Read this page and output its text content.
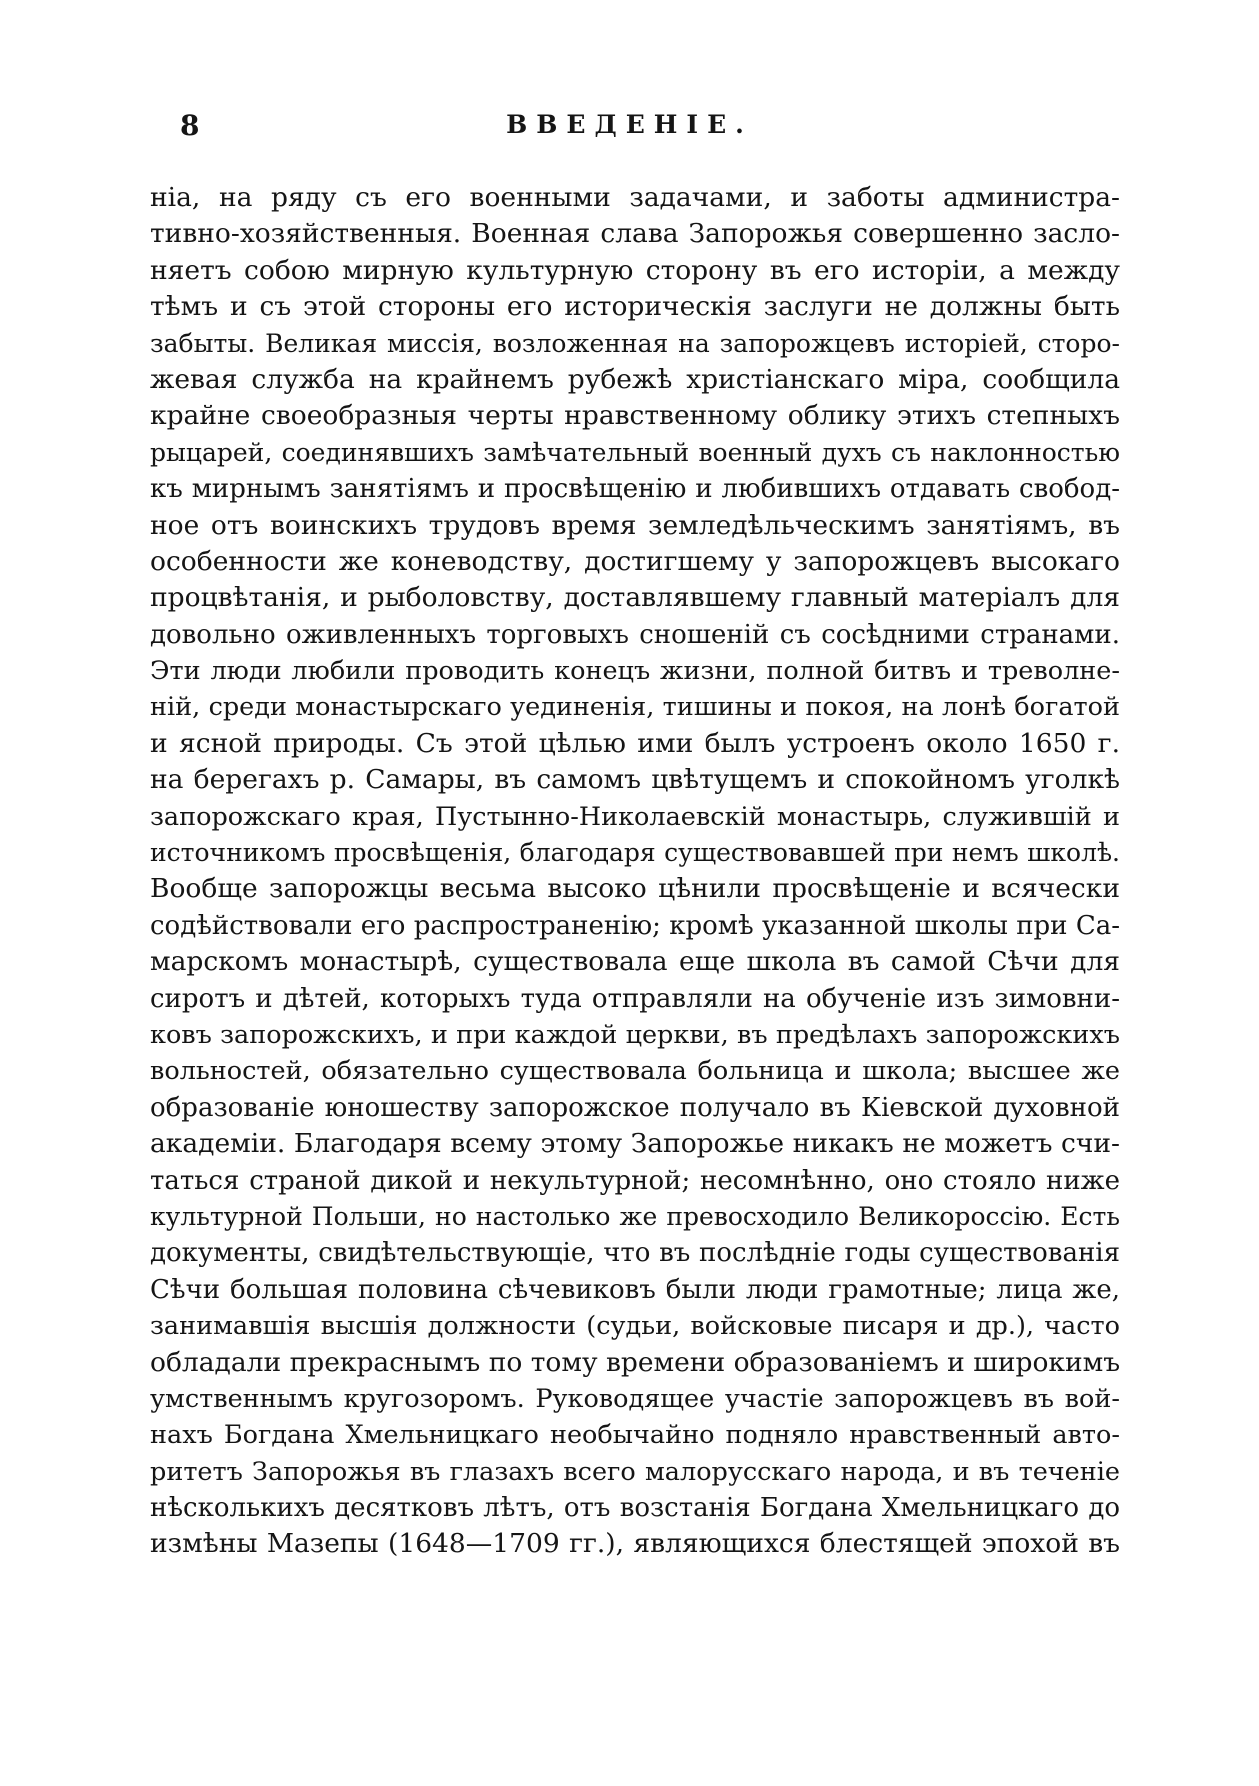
8	ВВЕДЕНІЕ.
ніа, на ряду съ его военными задачами, и заботы администра-
тивно-хозяйственныя. Военная слава Запорожья совершенно засло-
няетъ собою мирную культурную сторону въ его исторіи, а между
тѣмъ и съ этой стороны его историческія заслуги не должны быть
забыты. Великая миссія, возложенная на запорожцевъ исторіей, сторо-
жевая служба на крайнемъ рубежѣ христіанскаго міра, сообщила
крайне своеобразныя черты нравственному облику этихъ степныхъ
рыцарей, соединявшихъ замѣчательный военный духъ съ наклонностью
къ мирнымъ занятіямъ и просвѣщенію и любившихъ отдавать свобод-
ное отъ воинскихъ трудовъ время земледѣльческимъ занятіямъ, въ
особенности же коневодству, достигшему у запорожцевъ высокаго
процвѣтанія, и рыболовству, доставлявшему главный матеріалъ для
довольно оживленныхъ торговыхъ сношеній съ сосѣдними странами.
Эти люди любили проводить конецъ жизни, полной битвъ и треволне-
ній, среди монастырскаго уединенія, тишины и покоя, на лонѣ богатой
и ясной природы. Съ этой цѣлью ими былъ устроенъ около 1650 г.
на берегахъ р. Самары, въ самомъ цвѣтущемъ и спокойномъ уголкѣ
запорожскаго края, Пустынно-Николаевскій монастырь, служившій и
источникомъ просвѣщенія, благодаря существовавшей при немъ школѣ.
Вообще запорожцы весьма высоко цѣнили просвѣщеніе и всячески
содѣйствовали его распространенію; кромѣ указанной школы при Са-
марскомъ монастырѣ, существовала еще школа въ самой Сѣчи для
сиротъ и дѣтей, которыхъ туда отправляли на обученіе изъ зимовни-
ковъ запорожскихъ, и при каждой церкви, въ предѣлахъ запорожскихъ
вольностей, обязательно существовала больница и школа; высшее же
образованіе юношеству запорожское получало въ Кіевской духовной
академіи. Благодаря всему этому Запорожье никакъ не можетъ счи-
таться страной дикой и некультурной; несомнѣнно, оно стояло ниже
культурной Польши, но настолько же превосходило Великороссію. Есть
документы, свидѣтельствующіе, что въ послѣдніе годы существованія
Сѣчи большая половина сѣчевиковъ были люди грамотные; лица же,
занимавшія высшія должности (судьи, войсковые писаря и др.), часто
обладали прекраснымъ по тому времени образованіемъ и широкимъ
умственнымъ кругозоромъ. Руководящее участіе запорожцевъ въ вой-
нахъ Богдана Хмельницкаго необычайно подняло нравственный авто-
ритетъ Запорожья въ глазахъ всего малорусскаго народа, и въ теченіе
нѣсколькихъ десятковъ лѣтъ, отъ возстанія Богдана Хмельницкаго до
измѣны Мазепы (1648—1709 гг.), являющихся блестящей эпохой въ
